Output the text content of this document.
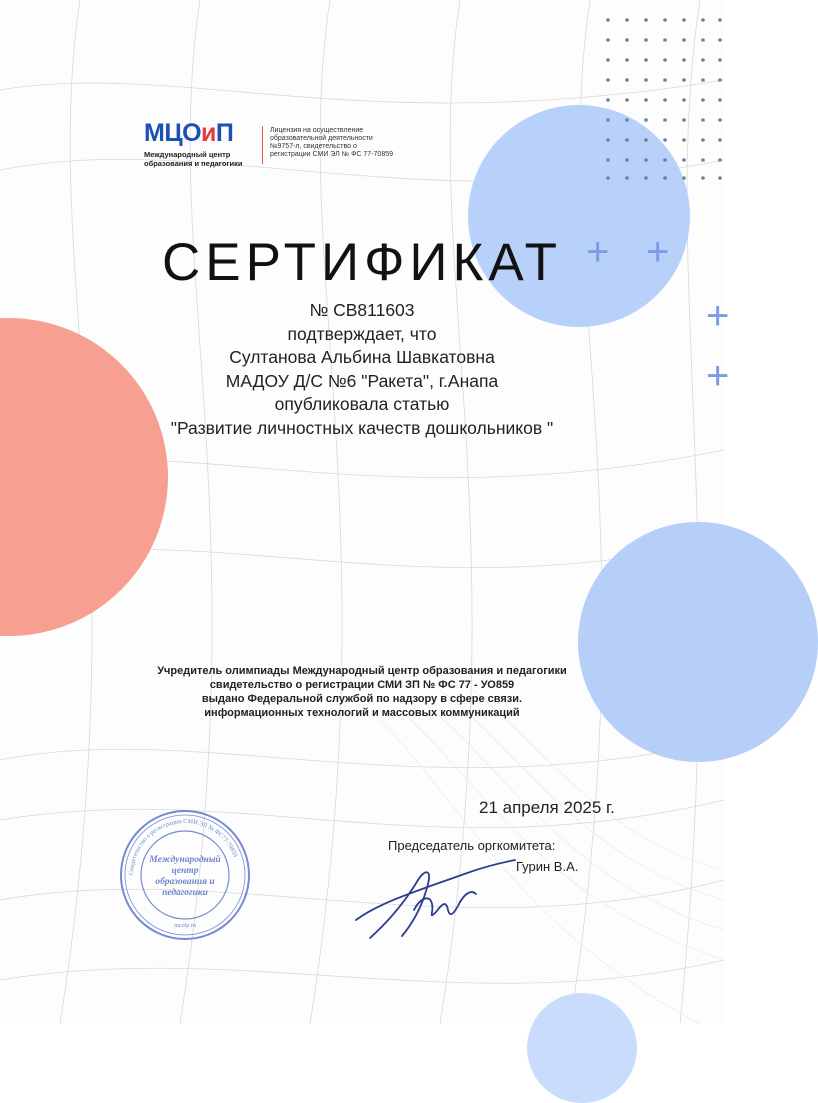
+ +
+
+
МЦОиП
Международный центр образования и педагогики
Лицензия на осуществление образовательной деятельности №9757-л, свидетельство о регистрации СМИ ЭЛ № ФС 77-70859
СЕРТИФИКАТ
№ CB811603
подтверждает, что
Султанова Альбина Шавкатовна
МАДОУ Д/С №6 "Ракета", г.Анапа
опубликовала статью
"Развитие личностных качеств дошкольников "
Учредитель олимпиады Международный центр образования и педагогики
свидетельство о регистрации СМИ ЗП № ФС 77 - УО859
выдано Федеральной службой по надзору в сфере связи.
информационных технологий и массовых коммуникаций
21 апреля 2025 г.
Свидетельство о регистрации СМИ ЭЛ № ФС77-70859
Международный
центр
образования и
педагогики
mcoip.ru
Председатель оргкомитета:
Гурин В.А.
